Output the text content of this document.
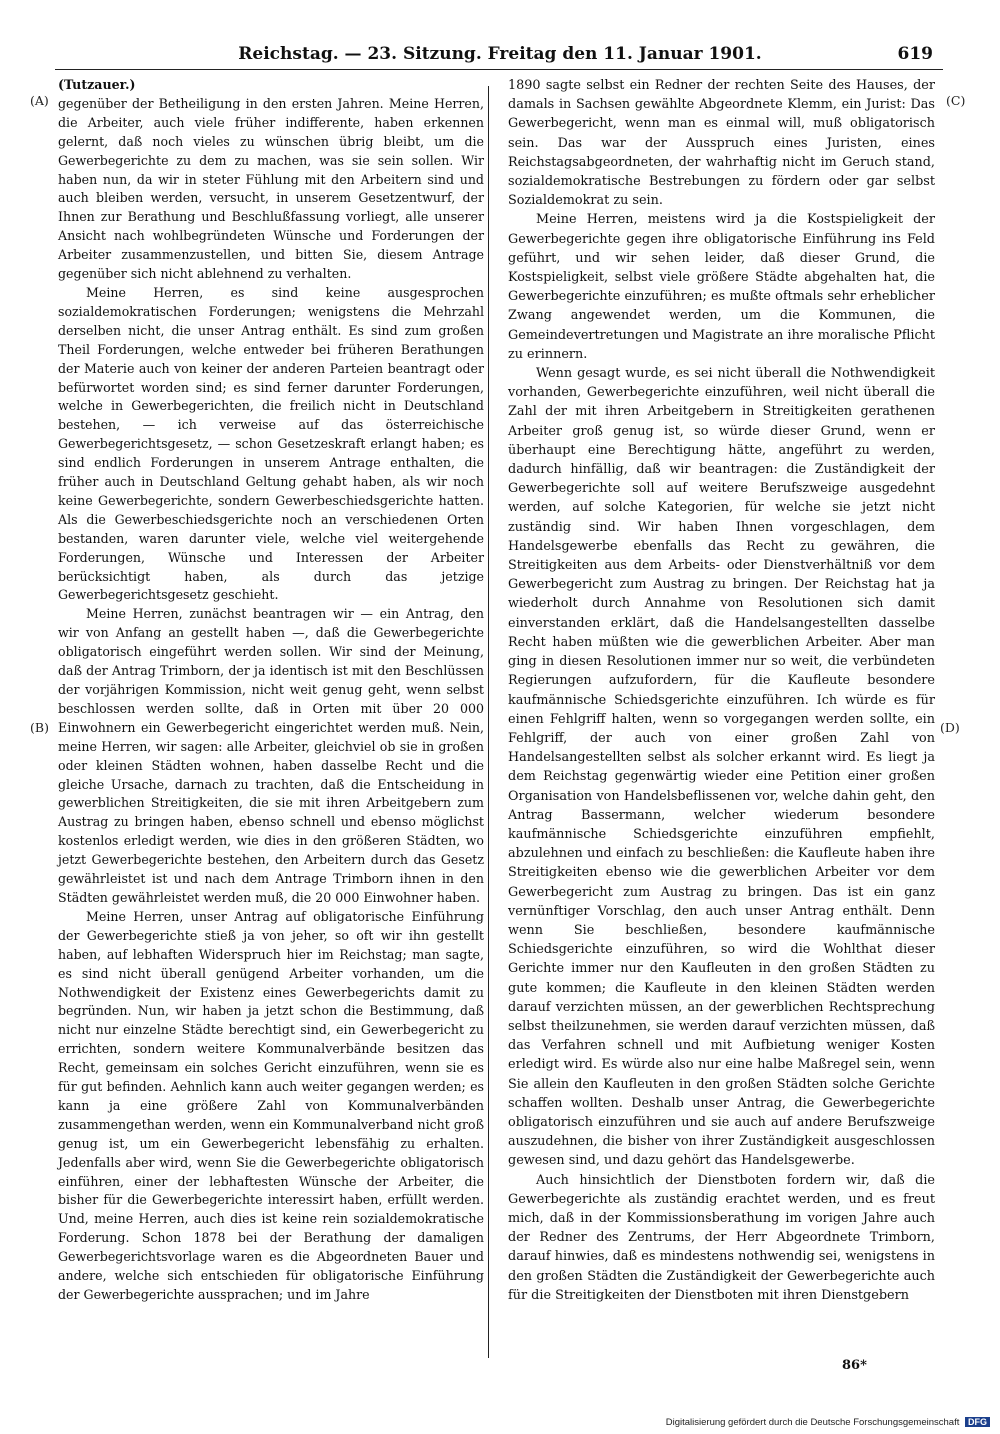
Reichstag. — 23. Sitzung. Freitag den 11. Januar 1901.	619
(A)
(B)
(C)
(D)
(Tutzauer.)

gegenüber der Betheiligung in den ersten Jahren. Meine Herren, die Arbeiter, auch viele früher indifferente, haben erkennen gelernt, daß noch vieles zu wünschen übrig bleibt, um die Gewerbegerichte zu dem zu machen, was sie sein sollen. Wir haben nun, da wir in steter Fühlung mit den Arbeitern sind und auch bleiben werden, versucht, in unserem Gesetzentwurf, der Ihnen zur Berathung und Beschlußfassung vorliegt, alle unserer Ansicht nach wohlbegründeten Wünsche und Forderungen der Arbeiter zusammenzustellen, und bitten Sie, diesem Antrage gegenüber sich nicht ablehnend zu verhalten.

Meine Herren, es sind keine ausgesprochen sozialdemokratischen Forderungen; wenigstens die Mehrzahl derselben nicht, die unser Antrag enthält. Es sind zum großen Theil Forderungen, welche entweder bei früheren Berathungen der Materie auch von keiner der anderen Parteien beantragt oder befürwortet worden sind; es sind ferner darunter Forderungen, welche in Gewerbegerichten, die freilich nicht in Deutschland bestehen, — ich verweise auf das österreichische Gewerbegerichtsgesetz, — schon Gesetzeskraft erlangt haben; es sind endlich Forderungen in unserem Antrage enthalten, die früher auch in Deutschland Geltung gehabt haben, als wir noch keine Gewerbegerichte, sondern Gewerbeschiedsgerichte hatten. Als die Gewerbeschiedsgerichte noch an verschiedenen Orten bestanden, waren darunter viele, welche viel weitergehende Forderungen, Wünsche und Interessen der Arbeiter berücksichtigt haben, als durch das jetzige Gewerbegerichtsgesetz geschieht.

Meine Herren, zunächst beantragen wir — ein Antrag, den wir von Anfang an gestellt haben —, daß die Gewerbegerichte obligatorisch eingeführt werden sollen. Wir sind der Meinung, daß der Antrag Trimborn, der ja identisch ist mit den Beschlüssen der vorjährigen Kommission, nicht weit genug geht, wenn selbst beschlossen werden sollte, daß in Orten mit über 20 000 Einwohnern ein Gewerbegericht eingerichtet werden muß. Nein, meine Herren, wir sagen: alle Arbeiter, gleichviel ob sie in großen oder kleinen Städten wohnen, haben dasselbe Recht und die gleiche Ursache, darnach zu trachten, daß die Entscheidung in gewerblichen Streitigkeiten, die sie mit ihren Arbeitgebern zum Austrag zu bringen haben, ebenso schnell und ebenso möglichst kostenlos erledigt werden, wie dies in den größeren Städten, wo jetzt Gewerbegerichte bestehen, den Arbeitern durch das Gesetz gewährleistet ist und nach dem Antrage Trimborn ihnen in den Städten gewährleistet werden muß, die 20 000 Einwohner haben.

Meine Herren, unser Antrag auf obligatorische Einführung der Gewerbegerichte stieß ja von jeher, so oft wir ihn gestellt haben, auf lebhaften Widerspruch hier im Reichstag; man sagte, es sind nicht überall genügend Arbeiter vorhanden, um die Nothwendigkeit der Existenz eines Gewerbegerichts damit zu begründen. Nun, wir haben ja jetzt schon die Bestimmung, daß nicht nur einzelne Städte berechtigt sind, ein Gewerbegericht zu errichten, sondern weitere Kommunalverbände besitzen das Recht, gemeinsam ein solches Gericht einzuführen, wenn sie es für gut befinden. Aehnlich kann auch weiter gegangen werden; es kann ja eine größere Zahl von Kommunalverbänden zusammengethan werden, wenn ein Kommunalverband nicht groß genug ist, um ein Gewerbegericht lebensfähig zu erhalten. Jedenfalls aber wird, wenn Sie die Gewerbegerichte obligatorisch einführen, einer der lebhaftesten Wünsche der Arbeiter, die bisher für die Gewerbegerichte interessirt haben, erfüllt werden. Und, meine Herren, auch dies ist keine rein sozialdemokratische Forderung. Schon 1878 bei der Berathung der damaligen Gewerbegerichtsvorlage waren es die Abgeordneten Bauer und andere, welche sich entschieden für obligatorische Einführung der Gewerbegerichte aussprachen; und im Jahre

1890 sagte selbst ein Redner der rechten Seite des Hauses, der damals in Sachsen gewählte Abgeordnete Klemm, ein Jurist: Das Gewerbegericht, wenn man es einmal will, muß obligatorisch sein. Das war der Ausspruch eines Juristen, eines Reichstagsabgeordneten, der wahrhaftig nicht im Geruch stand, sozialdemokratische Bestrebungen zu fördern oder gar selbst Sozialdemokrat zu sein.

Meine Herren, meistens wird ja die Kostspieligkeit der Gewerbegerichte gegen ihre obligatorische Einführung ins Feld geführt, und wir sehen leider, daß dieser Grund, die Kostspieligkeit, selbst viele größere Städte abgehalten hat, die Gewerbegerichte einzuführen; es mußte oftmals sehr erheblicher Zwang angewendet werden, um die Kommunen, die Gemeindevertretungen und Magistrate an ihre moralische Pflicht zu erinnern.

Wenn gesagt wurde, es sei nicht überall die Nothwendigkeit vorhanden, Gewerbegerichte einzuführen, weil nicht überall die Zahl der mit ihren Arbeitgebern in Streitigkeiten gerathenen Arbeiter groß genug ist, so würde dieser Grund, wenn er überhaupt eine Berechtigung hätte, angeführt zu werden, dadurch hinfällig, daß wir beantragen: die Zuständigkeit der Gewerbegerichte soll auf weitere Berufszweige ausgedehnt werden, auf solche Kategorien, für welche sie jetzt nicht zuständig sind. Wir haben Ihnen vorgeschlagen, dem Handelsgewerbe ebenfalls das Recht zu gewähren, die Streitigkeiten aus dem Arbeits- oder Dienstverhältniß vor dem Gewerbegericht zum Austrag zu bringen. Der Reichstag hat ja wiederholt durch Annahme von Resolutionen sich damit einverstanden erklärt, daß die Handelsangestellten dasselbe Recht haben müßten wie die gewerblichen Arbeiter. Aber man ging in diesen Resolutionen immer nur so weit, die verbündeten Regierungen aufzufordern, für die Kaufleute besondere kaufmännische Schiedsgerichte einzuführen. Ich würde es für einen Fehlgriff halten, wenn so vorgegangen werden sollte, ein Fehlgriff, der auch von einer großen Zahl von Handelsangestellten selbst als solcher erkannt wird. Es liegt ja dem Reichstag gegenwärtig wieder eine Petition einer großen Organisation von Handelsbeflissenen vor, welche dahin geht, den Antrag Bassermann, welcher wiederum besondere kaufmännische Schiedsgerichte einzuführen empfiehlt, abzulehnen und einfach zu beschließen: die Kaufleute haben ihre Streitigkeiten ebenso wie die gewerblichen Arbeiter vor dem Gewerbegericht zum Austrag zu bringen. Das ist ein ganz vernünftiger Vorschlag, den auch unser Antrag enthält. Denn wenn Sie beschließen, besondere kaufmännische Schiedsgerichte einzuführen, so wird die Wohlthat dieser Gerichte immer nur den Kaufleuten in den großen Städten zu gute kommen; die Kaufleute in den kleinen Städten werden darauf verzichten müssen, an der gewerblichen Rechtsprechung selbst theilzunehmen, sie werden darauf verzichten müssen, daß das Verfahren schnell und mit Aufbietung weniger Kosten erledigt wird. Es würde also nur eine halbe Maßregel sein, wenn Sie allein den Kaufleuten in den großen Städten solche Gerichte schaffen wollten. Deshalb unser Antrag, die Gewerbegerichte obligatorisch einzuführen und sie auch auf andere Berufszweige auszudehnen, die bisher von ihrer Zuständigkeit ausgeschlossen gewesen sind, und dazu gehört das Handelsgewerbe.

Auch hinsichtlich der Dienstboten fordern wir, daß die Gewerbegerichte als zuständig erachtet werden, und es freut mich, daß in der Kommissionsberathung im vorigen Jahre auch der Redner des Zentrums, der Herr Abgeordnete Trimborn, darauf hinwies, daß es mindestens nothwendig sei, wenigstens in den großen Städten die Zuständigkeit der Gewerbegerichte auch für die Streitigkeiten der Dienstboten mit ihren Dienstgebern

86*
Digitalisierung gefördert durch die Deutsche Forschungsgemeinschaft DFG
